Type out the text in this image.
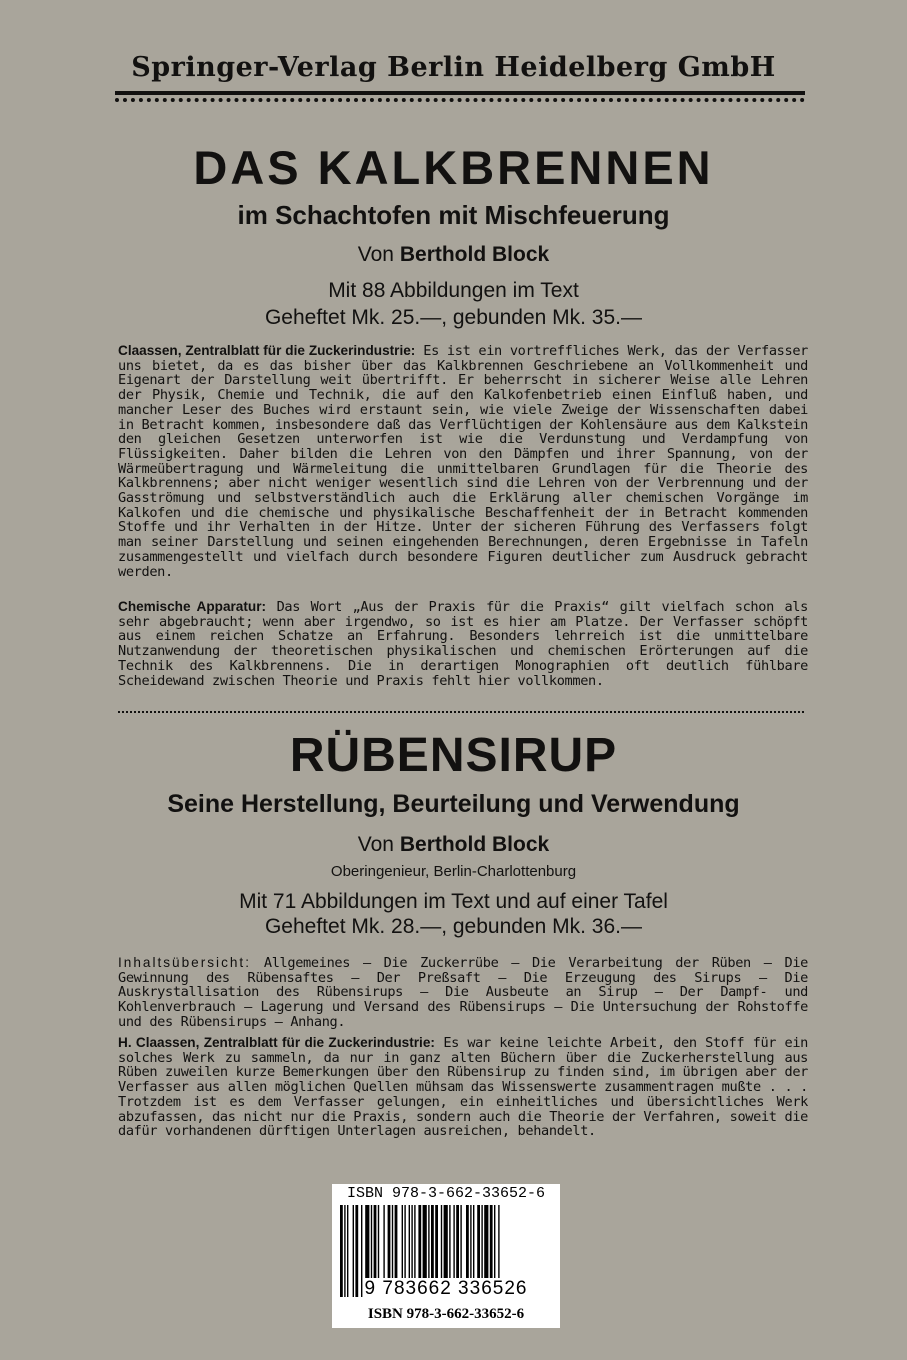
Springer-Verlag Berlin Heidelberg GmbH
DAS KALKBRENNEN
im Schachtofen mit Mischfeuerung
Von Berthold Block
Mit 88 Abbildungen im Text
Geheftet Mk. 25.—, gebunden Mk. 35.—
Claassen, Zentralblatt für die Zuckerindustrie: Es ist ein vortreffliches Werk, das der Verfasser uns bietet, da es das bisher über das Kalkbrennen Geschriebene an Vollkommenheit und Eigenart der Darstellung weit übertrifft. Er beherrscht in sicherer Weise alle Lehren der Physik, Chemie und Technik, die auf den Kalkofenbetrieb einen Einfluß haben, und mancher Leser des Buches wird erstaunt sein, wie viele Zweige der Wissenschaften dabei in Betracht kommen, insbesondere daß das Verflüchtigen der Kohlensäure aus dem Kalkstein den gleichen Gesetzen unterworfen ist wie die Verdunstung und Verdampfung von Flüssigkeiten. Daher bilden die Lehren von den Dämpfen und ihrer Spannung, von der Wärmeübertragung und Wärmeleitung die unmittelbaren Grundlagen für die Theorie des Kalkbrennens; aber nicht weniger wesentlich sind die Lehren von der Verbrennung und der Gasströmung und selbstverständlich auch die Erklärung aller chemischen Vorgänge im Kalkofen und die chemische und physikalische Beschaffenheit der in Betracht kommenden Stoffe und ihr Verhalten in der Hitze. Unter der sicheren Führung des Verfassers folgt man seiner Darstellung und seinen eingehenden Berechnungen, deren Ergebnisse in Tafeln zusammengestellt und vielfach durch besondere Figuren deutlicher zum Ausdruck gebracht werden.
Chemische Apparatur: Das Wort „Aus der Praxis für die Praxis“ gilt vielfach schon als sehr abgebraucht; wenn aber irgendwo, so ist es hier am Platze. Der Verfasser schöpft aus einem reichen Schatze an Erfahrung. Besonders lehrreich ist die unmittelbare Nutzanwendung der theoretischen physikalischen und chemischen Erörterungen auf die Technik des Kalkbrennens. Die in derartigen Monographien oft deutlich fühlbare Scheidewand zwischen Theorie und Praxis fehlt hier vollkommen.
RÜBENSIRUP
Seine Herstellung, Beurteilung und Verwendung
Von Berthold Block
Oberingenieur, Berlin-Charlottenburg
Mit 71 Abbildungen im Text und auf einer Tafel
Geheftet Mk. 28.—, gebunden Mk. 36.—
Inhaltsübersicht: Allgemeines — Die Zuckerrübe — Die Verarbeitung der Rüben — Die Gewinnung des Rübensaftes — Der Preßsaft — Die Erzeugung des Sirups — Die Auskrystallisation des Rübensirups — Die Ausbeute an Sirup — Der Dampf- und Kohlenverbrauch — Lagerung und Versand des Rübensirups — Die Untersuchung der Rohstoffe und des Rübensirups — Anhang.
H. Claassen, Zentralblatt für die Zuckerindustrie: Es war keine leichte Arbeit, den Stoff für ein solches Werk zu sammeln, da nur in ganz alten Büchern über die Zuckerherstellung aus Rüben zuweilen kurze Bemerkungen über den Rübensirup zu finden sind, im übrigen aber der Verfasser aus allen möglichen Quellen mühsam das Wissenswerte zusammentragen mußte . . . Trotzdem ist es dem Verfasser gelungen, ein einheitliches und übersichtliches Werk abzufassen, das nicht nur die Praxis, sondern auch die Theorie der Verfahren, soweit die dafür vorhandenen dürftigen Unterlagen ausreichen, behandelt.
ISBN 978-3-662-33652-6
9 783662 336526
ISBN 978-3-662-33652-6
